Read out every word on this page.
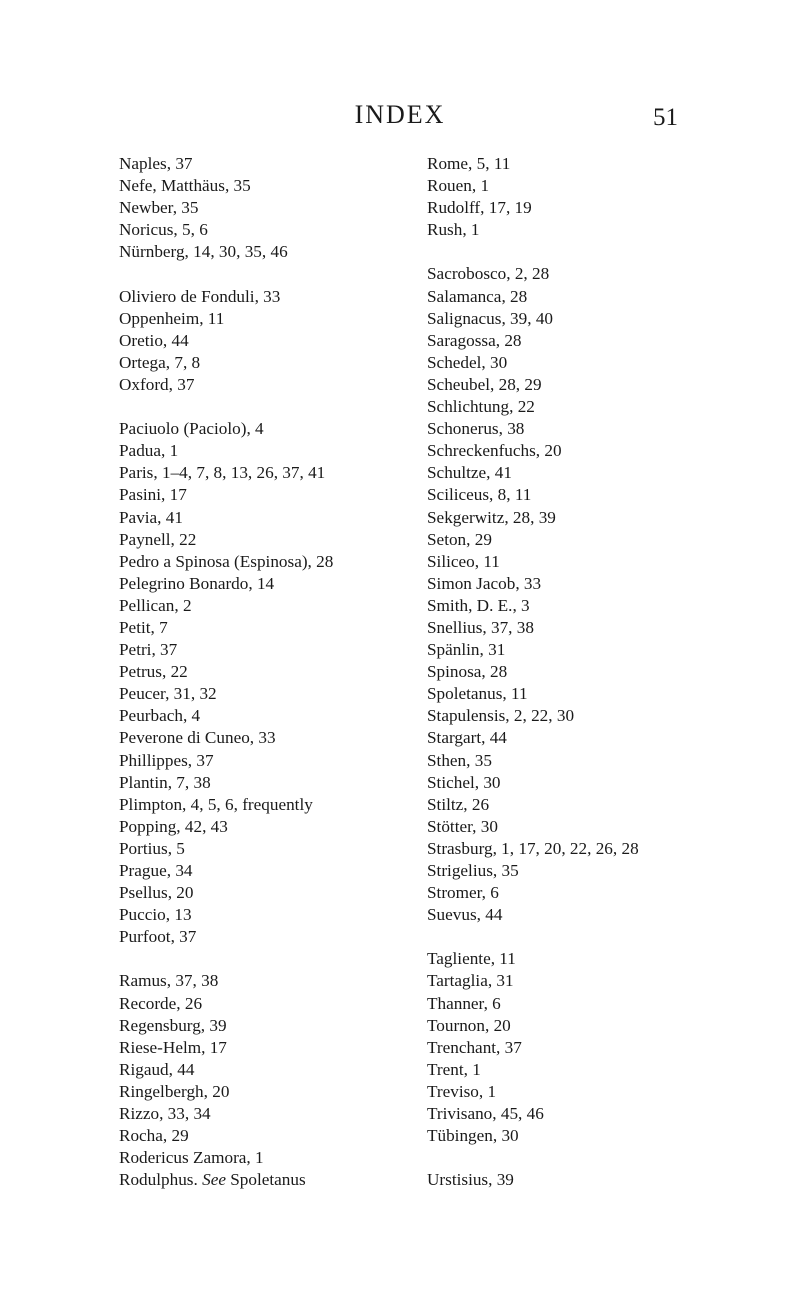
INDEX	51
Naples, 37
Nefe, Matthäus, 35
Newber, 35
Noricus, 5, 6
Nürnberg, 14, 30, 35, 46
Oliviero de Fonduli, 33
Oppenheim, 11
Oretio, 44
Ortega, 7, 8
Oxford, 37
Paciuolo (Paciolo), 4
Padua, 1
Paris, 1–4, 7, 8, 13, 26, 37, 41
Pasini, 17
Pavia, 41
Paynell, 22
Pedro a Spinosa (Espinosa), 28
Pelegrino Bonardo, 14
Pellican, 2
Petit, 7
Petri, 37
Petrus, 22
Peucer, 31, 32
Peurbach, 4
Peverone di Cuneo, 33
Phillippes, 37
Plantin, 7, 38
Plimpton, 4, 5, 6, frequently
Popping, 42, 43
Portius, 5
Prague, 34
Psellus, 20
Puccio, 13
Purfoot, 37
Ramus, 37, 38
Recorde, 26
Regensburg, 39
Riese-Helm, 17
Rigaud, 44
Ringelbergh, 20
Rizzo, 33, 34
Rocha, 29
Rodericus Zamora, 1
Rodulphus. See Spoletanus
Rome, 5, 11
Rouen, 1
Rudolff, 17, 19
Rush, 1
Sacrobosco, 2, 28
Salamanca, 28
Salignacus, 39, 40
Saragossa, 28
Schedel, 30
Scheubel, 28, 29
Schlichtung, 22
Schonerus, 38
Schreckenfuchs, 20
Schultze, 41
Sciliceus, 8, 11
Sekgerwitz, 28, 39
Seton, 29
Siliceo, 11
Simon Jacob, 33
Smith, D. E., 3
Snellius, 37, 38
Spänlin, 31
Spinosa, 28
Spoletanus, 11
Stapulensis, 2, 22, 30
Stargart, 44
Sthen, 35
Stichel, 30
Stiltz, 26
Stötter, 30
Strasburg, 1, 17, 20, 22, 26, 28
Strigelius, 35
Stromer, 6
Suevus, 44
Tagliente, 11
Tartaglia, 31
Thanner, 6
Tournon, 20
Trenchant, 37
Trent, 1
Treviso, 1
Trivisano, 45, 46
Tübingen, 30
Urstisius, 39
